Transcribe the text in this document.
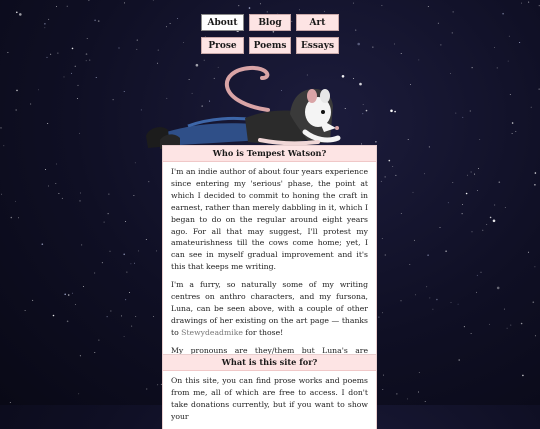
About	Blog	Art
Prose	Poems	Essays
Who is Tempest Watson?

I'm an indie author of about four years experience since entering my 'serious' phase, the point at which I decided to commit to honing the craft in earnest, rather than merely dabbling in it, which I began to do on the regular around eight years ago. For all that may suggest, I'll protest my amateurishness till the cows come home; yet, I can see in myself gradual improvement and it's this that keeps me writing.

I'm a furry, so naturally some of my writing centres on anthro characters, and my fursona, Luna, can be seen above, with a couple of other drawings of her existing on the art page — thanks to Stewydeadmike for those!

My pronouns are they/them but Luna's are

What is this site for?

On this site, you can find prose works and poems from me, all of which are free to access. I don't take donations currently, but if you want to show your
